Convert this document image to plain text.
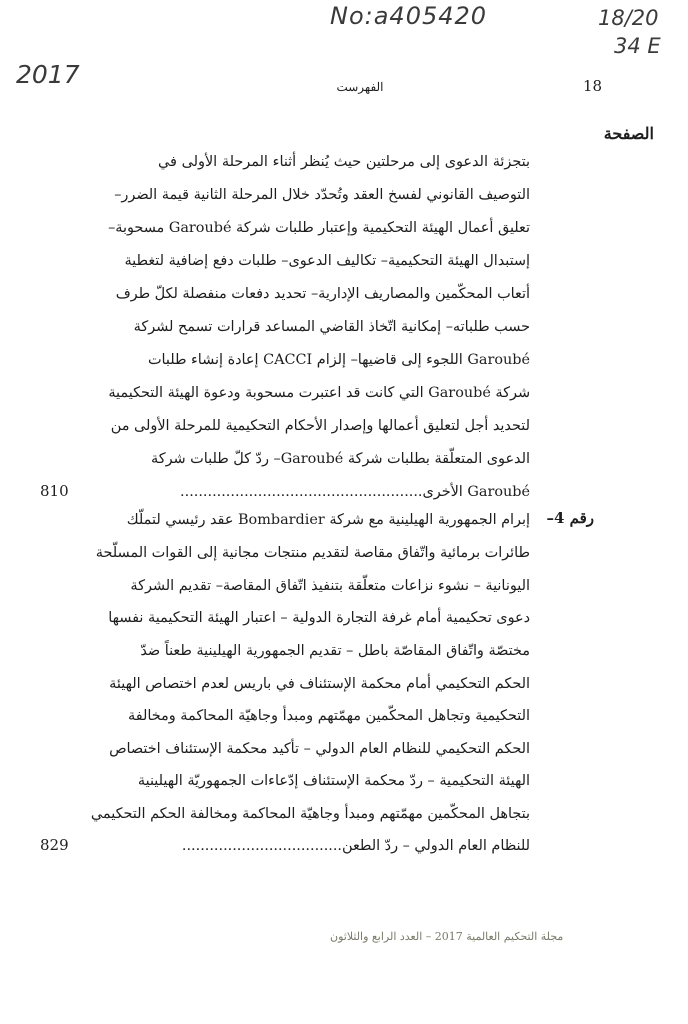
No:a405420	18/20
34 E
2017	18
الفهرست
الصفحة
بتجزئة الدعوى إلى مرحلتين حيث يُنظر أثناء المرحلة الأولى في
التوصيف القانوني لفسخ العقد وتُحدّد خلال المرحلة الثانية قيمة الضرر–
تعليق أعمال الهيئة التحكيمية وإعتبار طلبات شركة Garoubé مسحوبة–
إستبدال الهيئة التحكيمية– تكاليف الدعوى– طلبات دفع إضافية لتغطية
أتعاب المحكّمين والمصاريف الإدارية– تحديد دفعات منفصلة لكلّ طرف
حسب طلباته– إمكانية اتّخاذ القاضي المساعد قرارات تسمح لشركة
Garoubé اللجوء إلى قاضيها– إلزام CACCI إعادة إنشاء طلبات
شركة Garoubé التي كانت قد اعتبرت مسحوبة ودعوة الهيئة التحكيمية
لتحديد أجل لتعليق أعمالها وإصدار الأحكام التحكيمية للمرحلة الأولى من
الدعوى المتعلّقة بطلبات شركة Garoubé– ردّ كلّ طلبات شركة
Garoubé الأخرى.....................................................
810
رقم 4–
إبرام الجمهورية الهيلينية مع شركة Bombardier عقد رئيسي لتملّك
طائرات برمائية واتّفاق مقاصة لتقديم منتجات مجانية إلى القوات المسلّحة
اليونانية – نشوء نزاعات متعلّقة بتنفيذ اتّفاق المقاصة– تقديم الشركة
دعوى تحكيمية أمام غرفة التجارة الدولية – اعتبار الهيئة التحكيمية نفسها
مختصّة واتّفاق المقاصّة باطل – تقديم الجمهورية الهيلينية طعناً ضدّ
الحكم التحكيمي أمام محكمة الإستئناف في باريس لعدم اختصاص الهيئة
التحكيمية وتجاهل المحكّمين مهمّتهم ومبدأ وجاهيّة المحاكمة ومخالفة
الحكم التحكيمي للنظام العام الدولي – تأكيد محكمة الإستئناف اختصاص
الهيئة التحكيمية – ردّ محكمة الإستئناف إدّعاءات الجمهوريّة الهيلينية
بتجاهل المحكّمين مهمّتهم ومبدأ وجاهيّة المحاكمة ومخالفة الحكم التحكيمي
للنظام العام الدولي – ردّ الطعن...................................
829
مجلة التحكيم العالمية 2017 – العدد الرابع والثلاثون
